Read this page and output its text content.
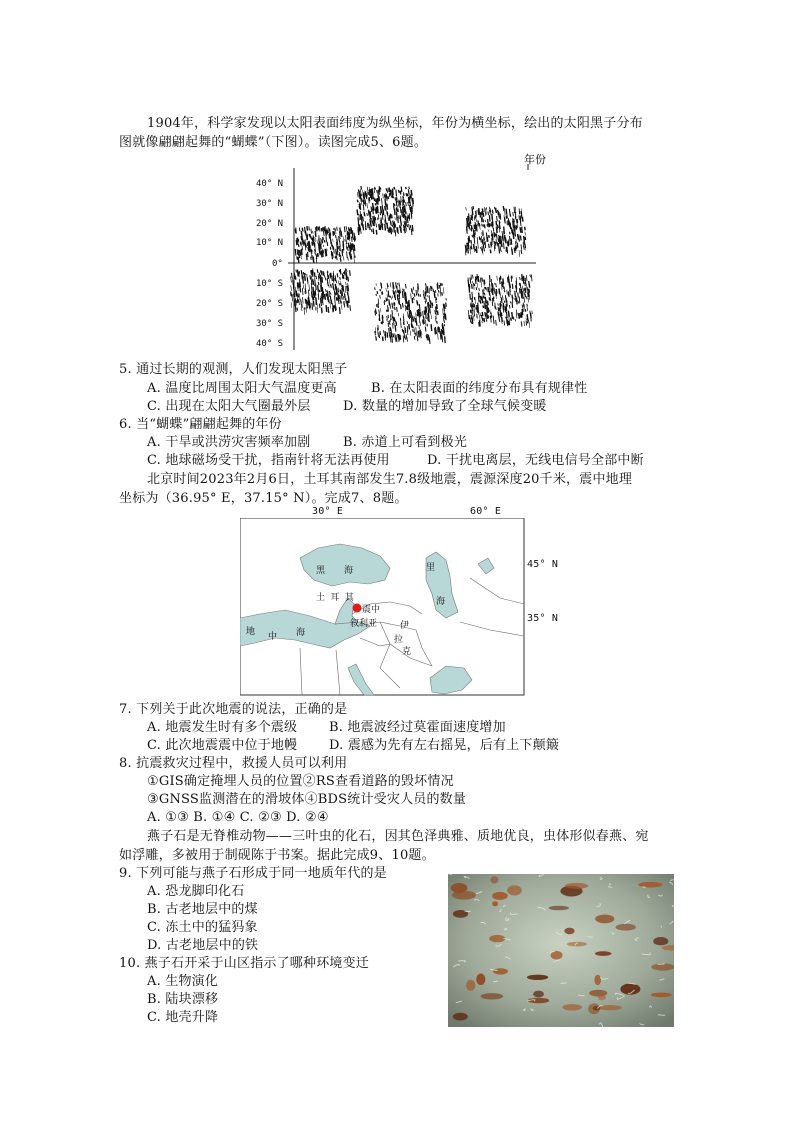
1904年，科学家发现以太阳表面纬度为纵坐标，年份为横坐标，绘出的太阳黑子分布
图就像翩翩起舞的“蝴蝶”（下图）。读图完成5、6题。
年份
40° N
30° N
20° N
10° N
0°
10° S
20° S
30° S
40° S
5. 通过长期的观测，人们发现太阳黑子
A. 温度比周围太阳大气温度更高	B. 在太阳表面的纬度分布具有规律性
C. 出现在太阳大气圈最外层 D. 数量的增加导致了全球气候变暖
6. 当“蝴蝶”翩翩起舞的年份
A. 干旱或洪涝灾害频率加剧	B. 赤道上可看到极光
C. 地球磁场受干扰，指南针将无法再使用	D. 干扰电离层，无线电信号全部中断
北京时间2023年2月6日，土耳其南部发生7.8级地震，震源深度20千米，震中地理
坐标为（36.95° E，37.15° N）。完成7、8题。
30° E	60° E
45° N
35° N
黑 海	里
海
土 耳 其
震中
叙利亚	伊
拉
克
地 中 海
7. 下列关于此次地震的说法，正确的是
A. 地震发生时有多个震级 B. 地震波经过莫霍面速度增加
C. 此次地震震中位于地幔 D. 震感为先有左右摇晃，后有上下颠簸
8. 抗震救灾过程中，救援人员可以利用
①GIS确定掩埋人员的位置②RS查看道路的毁坏情况
③GNSS监测潜在的滑坡体④BDS统计受灾人员的数量
A. ①③ B. ①④ C. ②③ D. ②④
燕子石是无脊椎动物——三叶虫的化石，因其色泽典雅、质地优良，虫体形似春燕、宛
如浮雕，多被用于制砚陈于书案。据此完成9、10题。
9. 下列可能与燕子石形成于同一地质年代的是
A. 恐龙脚印化石
B. 古老地层中的煤
C. 冻土中的猛犸象
D. 古老地层中的铁
10. 燕子石开采于山区指示了哪种环境变迁
A. 生物演化
B. 陆块漂移
C. 地壳升降
